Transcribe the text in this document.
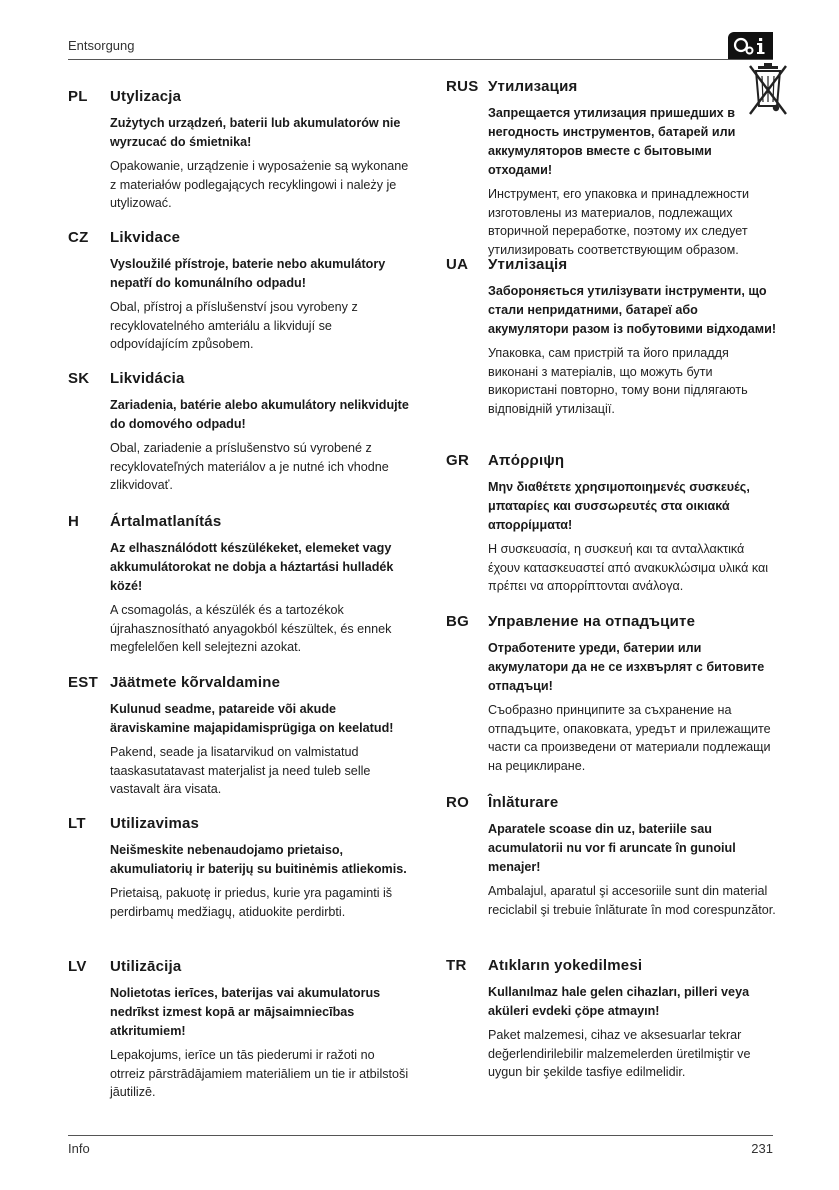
Entsorgung
PL Utylizacja

Zużytych urządzeń, baterii lub akumulatorów nie wyrzucać do śmietnika!

Opakowanie, urządzenie i wyposażenie są wykonane z materiałów podlegających recyklingowi i należy je utylizować.

CZ Likvidace

Vysloužilé přístroje, baterie nebo akumulátory nepatří do komunálního odpadu!

Obal, přístroj a příslušenství jsou vyrobeny z recyklovatelného amteriálu a likvidují se odpovídajícím způsobem.

SK Likvidácia

Zariadenia, batérie alebo akumulátory nelikvidujte do domového odpadu!

Obal, zariadenie a príslušenstvo sú vyrobené z recyklovateľných materiálov a je nutné ich vhodne zlikvidovať.

H Ártalmatlanítás

Az elhasználódott készülékeket, elemeket vagy akkumulátorokat ne dobja a háztartási hulladék közé!

A csomagolás, a készülék és a tartozékok újrahasznosítható anyagokból készültek, és ennek megfelelően kell selejtezni azokat.

EST Jäätmete kõrvaldamine

Kulunud seadme, patareide või akude äraviskamine majapidamisprügiga on keelatud!

Pakend, seade ja lisatarvikud on valmistatud taaskasutatavast materjalist ja need tuleb selle vastavalt ära visata.

LT Utilizavimas

Neišmeskite nebenaudojamo prietaiso, akumuliatorių ir baterijų su buitinėmis atliekomis.

Prietaisą, pakuotę ir priedus, kurie yra pagaminti iš perdirbamų medžiagų, atiduokite perdirbti.

LV Utilizācija

Nolietotas ierīces, baterijas vai akumulatorus nedrīkst izmest kopā ar mājsaimniecības atkritumiem!

Lepakojums, ierīce un tās piederumi ir ražoti no otrreiz pārstrādājamiem materiāliem un tie ir atbilstoši jāutilizē.

RUS Утилизация

Запрещается утилизация пришедших в негодность инструментов, батарей или аккумуляторов вместе с бытовыми отходами!

Инструмент, его упаковка и принадлежности изготовлены из материалов, подлежащих вторичной переработке, поэтому их следует утилизировать соответствующим образом.

UA Утилізація

Забороняється утилізувати інструменти, що стали непридатними, батареї або акумулятори разом із побутовими відходами!

Упаковка, сам пристрій та його приладдя виконані з матеріалів, що можуть бути використані повторно, тому вони підлягають відповідній утилізації.

GR Απόρριψη

Μην διαθέτετε χρησιμοποιημενές συσκευές, μπαταρίες και συσσωρευτές στα οικιακά απορρίμματα!

Η συσκευασία, η συσκευή και τα ανταλλακτικά έχουν κατασκευαστεί από ανακυκλώσιμα υλικά και πρέπει να απορρίπτονται ανάλογα.

BG Управление на отпадъците

Отработените уреди, батерии или акумулатори да не се изхвърлят с битовите отпадъци!

Съобразно принципите за съхранение на отпадъците, опаковката, уредът и прилежащите части са произведени от материали подлежащи на рециклиране.

RO Înlăturare

Aparatele scoase din uz, bateriile sau acumulatorii nu vor fi aruncate în gunoiul menajer!

Ambalajul, aparatul şi accesoriile sunt din material reciclabil şi trebuie înlăturate în mod corespunzător.

TR Atıkların yokedilmesi

Kullanılmaz hale gelen cihazları, pilleri veya aküleri evdeki çöpe atmayın!

Paket malzemesi, cihaz ve aksesuarlar tekrar değerlendirilebilir malzemelerden üretilmiştir ve uygun bir şekilde tasfiye edilmelidir.

Info	231
